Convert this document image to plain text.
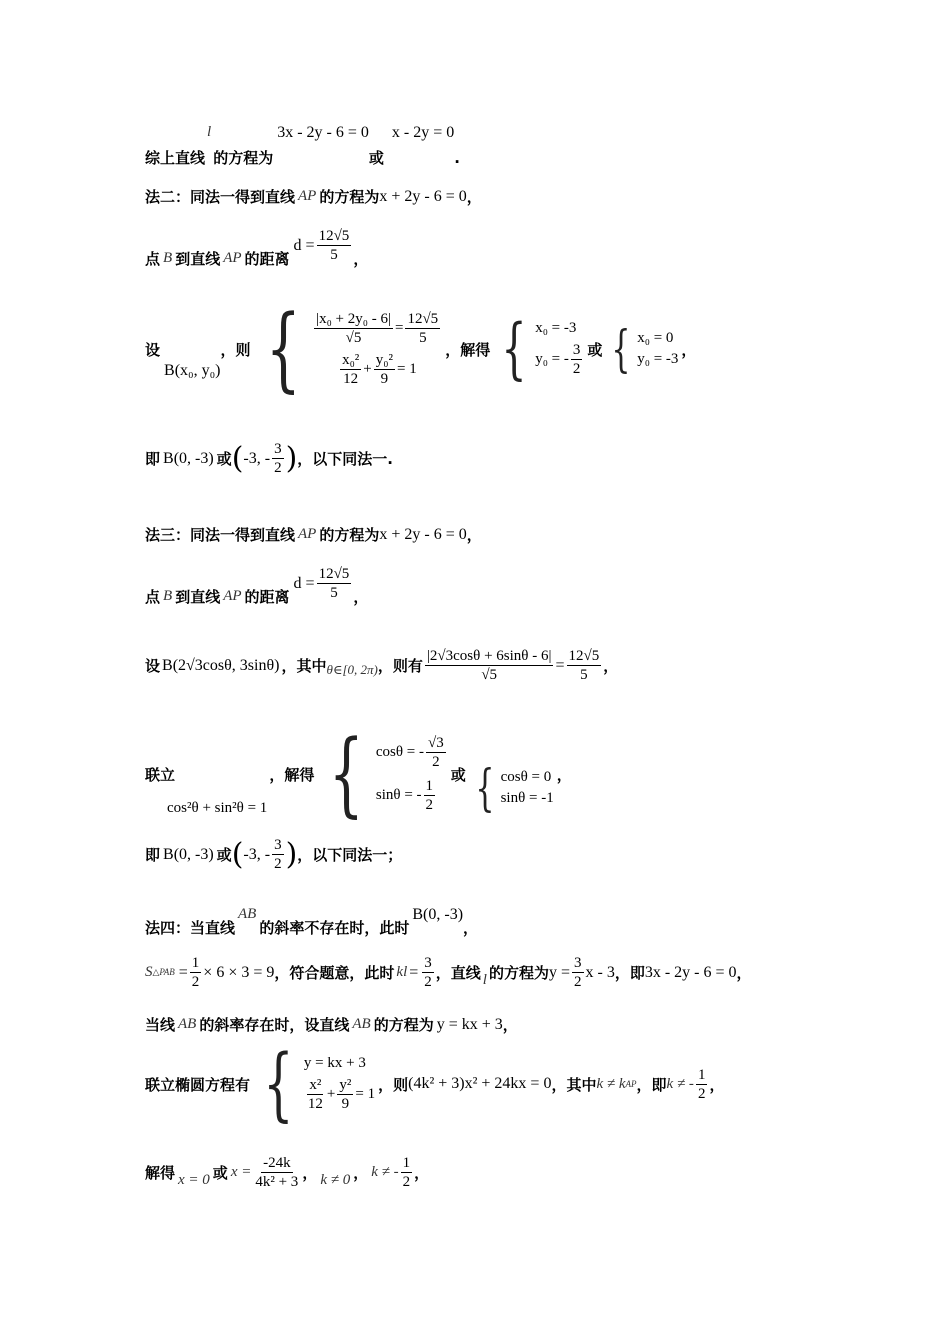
综上直线
l
的方程为
3x - 2y - 6 = 0
或
x - 2y = 0
.
法二：同法一得到直线 AP 的方程为 x + 2y - 6 = 0 ，
点 B 到直线 AP 的距离
$d = \frac{12√5}{5}$ ，
设
B(x₀, y₀)
，则 { $\frac{\text{|x₀ + 2y₀ - 6|}}{√5} = \frac{12√5}{5}$
$\frac{\text{x₀²}}{12} + \frac{\text{y₀²}}{9} = 1$
，解得 { x₀ = -3
y₀ = - $\frac{3}{2}$ 或 { x₀ = 0
y₀ = -3
，
即 B(0, -3) 或 ( -3, - $\frac{3}{2}$ ) ，以下同法一.
法三：同法一得到直线 AP 的方程为 x + 2y - 6 = 0 ，
点 B 到直线 AP 的距离
$d = \frac{12√5}{5}$ ，
设 B(2√3cosθ, 3sinθ) ，其中 θ∈[0, 2π) ，则有 $\frac{|2√3\cos\theta + 6\sin\theta - 6|}{√5} = \frac{12√5}{5}$ ，
联立
cos²θ + sin²θ = 1
，解得 { cosθ = - $\frac{√3}{2}$
sinθ = - $\frac{1}{2}$
或 { cosθ = 0
sinθ = -1
，
即 B(0, -3) 或 ( -3, - $\frac{3}{2}$ ) ，以下同法一；
法四：当直线
AB
的斜率不存在时，此时
B(0, -3)
，
S △PAB = $\frac{1}{2} \times 6 \times 3 = 9$ ，符合题意，此时 k $l = \frac{3}{2}$ ，直线 l 的方程为 $y = \frac{3}{2}$ x - 3 ，即 3x - 2y - 6 = 0 ，
当线 AB 的斜率存在时，设直线 AB 的方程为 y = kx + 3 ，
联立椭圆方程有 { y = kx + 3
$\frac{\text{x²}}{12} + \frac{\text{y²}}{9} = 1$
，则 (4k² + 3)x² + 24kx = 0 ，其中 k ≠ k AP ，即 k ≠ - $\frac{1}{2}$ ，
解得 x = 0 或 $x = \frac{-24k}{\text{4k² + 3}}$ ， k ≠ 0 ， k ≠ - $\frac{1}{2}$ ，
